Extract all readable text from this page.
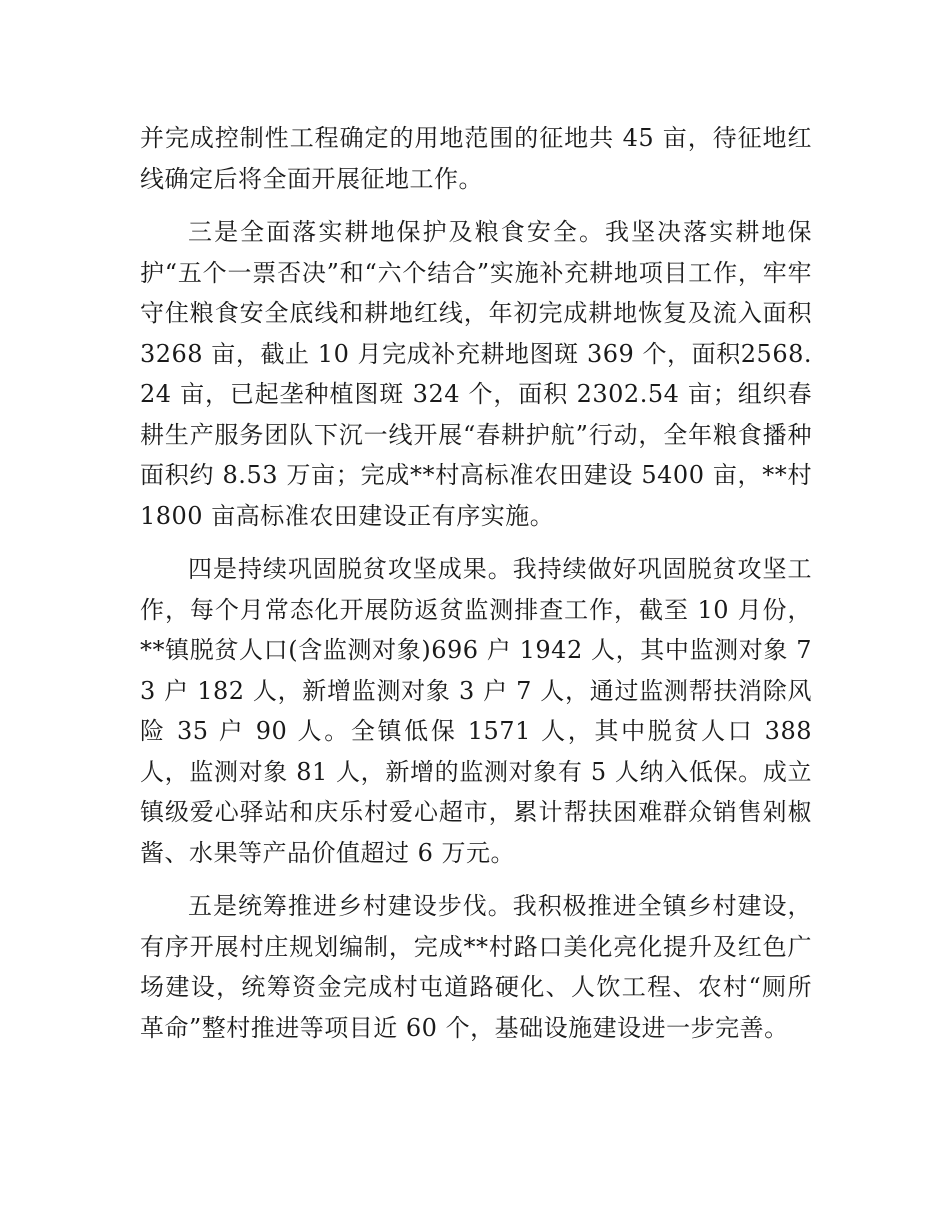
并完成控制性工程确定的用地范围的征地共 45 亩，待征地红线确定后将全面开展征地工作。

三是全面落实耕地保护及粮食安全。我坚决落实耕地保护“五个一票否决”和“六个结合”实施补充耕地项目工作，牢牢守住粮食安全底线和耕地红线，年初完成耕地恢复及流入面积 3268 亩，截止 10 月完成补充耕地图斑 369 个，面积2568.24 亩，已起垄种植图斑 324 个，面积 2302.54 亩；组织春耕生产服务团队下沉一线开展“春耕护航”行动，全年粮食播种面积约 8.53 万亩；完成**村高标准农田建设 5400 亩，**村 1800 亩高标准农田建设正有序实施。

四是持续巩固脱贫攻坚成果。我持续做好巩固脱贫攻坚工作，每个月常态化开展防返贫监测排查工作，截至 10 月份，**镇脱贫人口(含监测对象)696 户 1942 人，其中监测对象 73 户 182 人，新增监测对象 3 户 7 人，通过监测帮扶消除风险 35 户 90 人。全镇低保 1571 人，其中脱贫人口 388 人，监测对象 81 人，新增的监测对象有 5 人纳入低保。成立镇级爱心驿站和庆乐村爱心超市，累计帮扶困难群众销售剁椒酱、水果等产品价值超过 6 万元。

五是统筹推进乡村建设步伐。我积极推进全镇乡村建设，有序开展村庄规划编制，完成**村路口美化亮化提升及红色广场建设，统筹资金完成村屯道路硬化、人饮工程、农村“厕所革命”整村推进等项目近 60 个，基础设施建设进一步完善。
